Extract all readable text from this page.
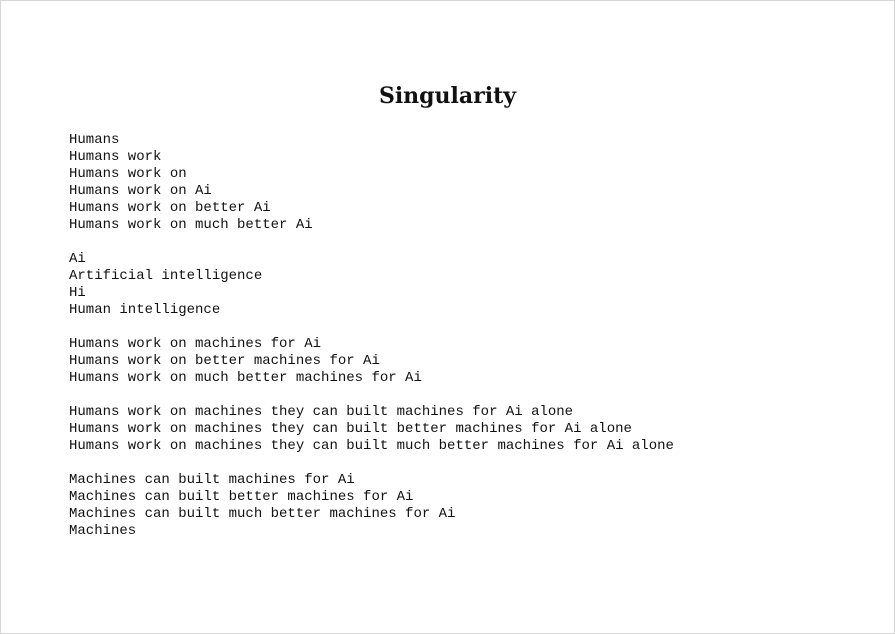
Singularity
Humans
Humans work
Humans work on
Humans work on Ai
Humans work on better Ai
Humans work on much better Ai
Ai
Artificial intelligence
Hi
Human intelligence
Humans work on machines for Ai
Humans work on better machines for Ai
Humans work on much better machines for Ai
Humans work on machines they can built machines for Ai alone
Humans work on machines they can built better machines for Ai alone
Humans work on machines they can built much better machines for Ai alone
Machines can built machines for Ai
Machines can built better machines for Ai
Machines can built much better machines for Ai
Machines
